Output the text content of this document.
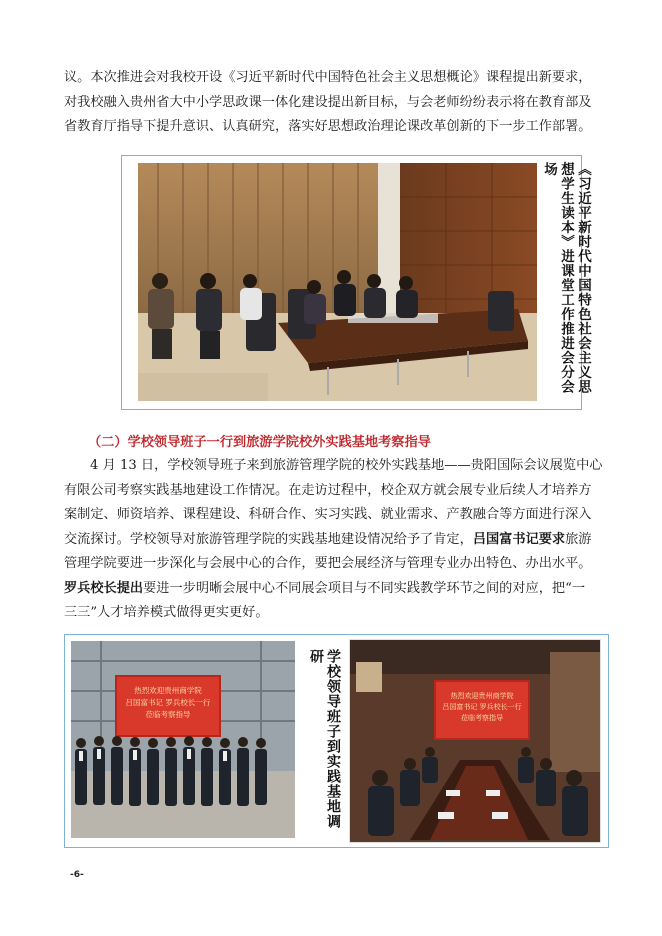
议。本次推进会对我校开设《习近平新时代中国特色社会主义思想概论》课程提出新要求，
对我校融入贵州省大中小学思政课一体化建设提出新目标，与会老师纷纷表示将在教育部及
省教育厅指导下提升意识、认真研究，落实好思想政治理论课改革创新的下一步工作部署。
《习近平新时代中国特色社会主义思想学生读本》进课堂工作推进会分会场

（二）学校领导班子一行到旅游学院校外实践基地考察指导

4 月 13 日，学校领导班子来到旅游管理学院的校外实践基地——贵阳国际会议展览中心
有限公司考察实践基地建设工作情况。在走访过程中，校企双方就会展专业后续人才培养方
案制定、师资培养、课程建设、科研合作、实习实践、就业需求、产教融合等方面进行深入
交流探讨。学校领导对旅游管理学院的实践基地建设情况给予了肯定，吕国富书记要求旅游
管理学院要进一步深化与会展中心的合作，要把会展经济与管理专业办出特色、办出水平。
罗兵校长提出要进一步明晰会展中心不同展会项目与不同实践教学环节之间的对应，把“一
三三”人才培养模式做得更实更好。
热烈欢迎贵州商学院
吕国富书记 罗兵校长一行
莅临考察指导	学校领导班子到实践基地调研
热烈欢迎贵州商学院
吕国富书记 罗兵校长一行
莅临考察指导
-6-
